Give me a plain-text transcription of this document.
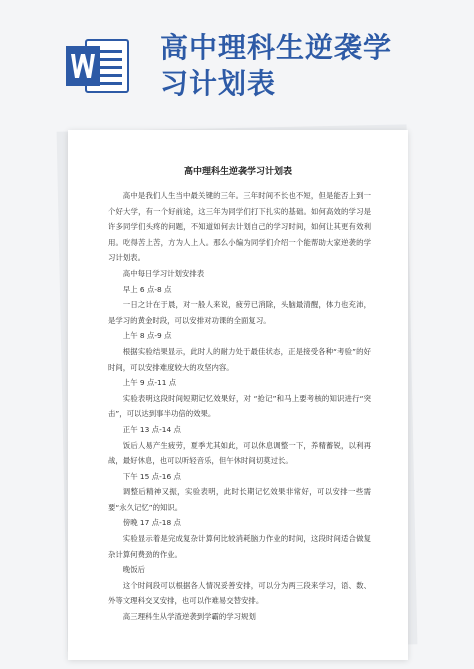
高中理科生逆袭学
习计划表
高中理科生逆袭学习计划表

高中是我们人生当中最关键的三年。三年时间不长也不短，但是能否上到一个好大学，有一个好前途，这三年为同学们打下扎实的基础。如何高效的学习是许多同学们头疼的问题，不知道如何去计划自己的学习时间，如何让其更有效利用。吃得苦上苦，方为人上人。那么小编为同学们介绍一个能帮助大家逆袭的学习计划表。

高中每日学习计划安排表

早上 6 点-8 点

一日之计在于晨，对一般人来说，疲劳已消除，头脑最清醒，体力也充沛，是学习的黄金时段，可以安排对功课的全面复习。

上午 8 点-9 点

根据实验结果显示，此时人的耐力处于最佳状态，正是接受各种“考验”的好时间，可以安排难度较大的攻坚内容。

上午 9 点-11 点

实验表明这段时间短期记忆效果好，对 “抢记”和马上要考核的知识进行“突击”，可以达到事半功倍的效果。

正午 13 点-14 点

饭后人易产生疲劳，夏季尤其如此，可以休息调整一下，养精蓄锐，以利再战，最好休息，也可以听轻音乐，但午休时间切莫过长。

下午 15 点-16 点

调整后精神又振，实验表明，此时长期记忆效果非常好，可以安排一些需要“永久记忆”的知识。

傍晚 17 点-18 点

实验显示着是完成复杂计算何比较消耗脑力作业的时间，这段时间适合做复杂计算何费劲的作业。

晚饭后

这个时间段可以根据各人情况妥善安排，可以分为两三段来学习，语、数、外等文理科交叉安排，也可以作难易交替安排。

高三理科生从学渣逆袭到学霸的学习规划
